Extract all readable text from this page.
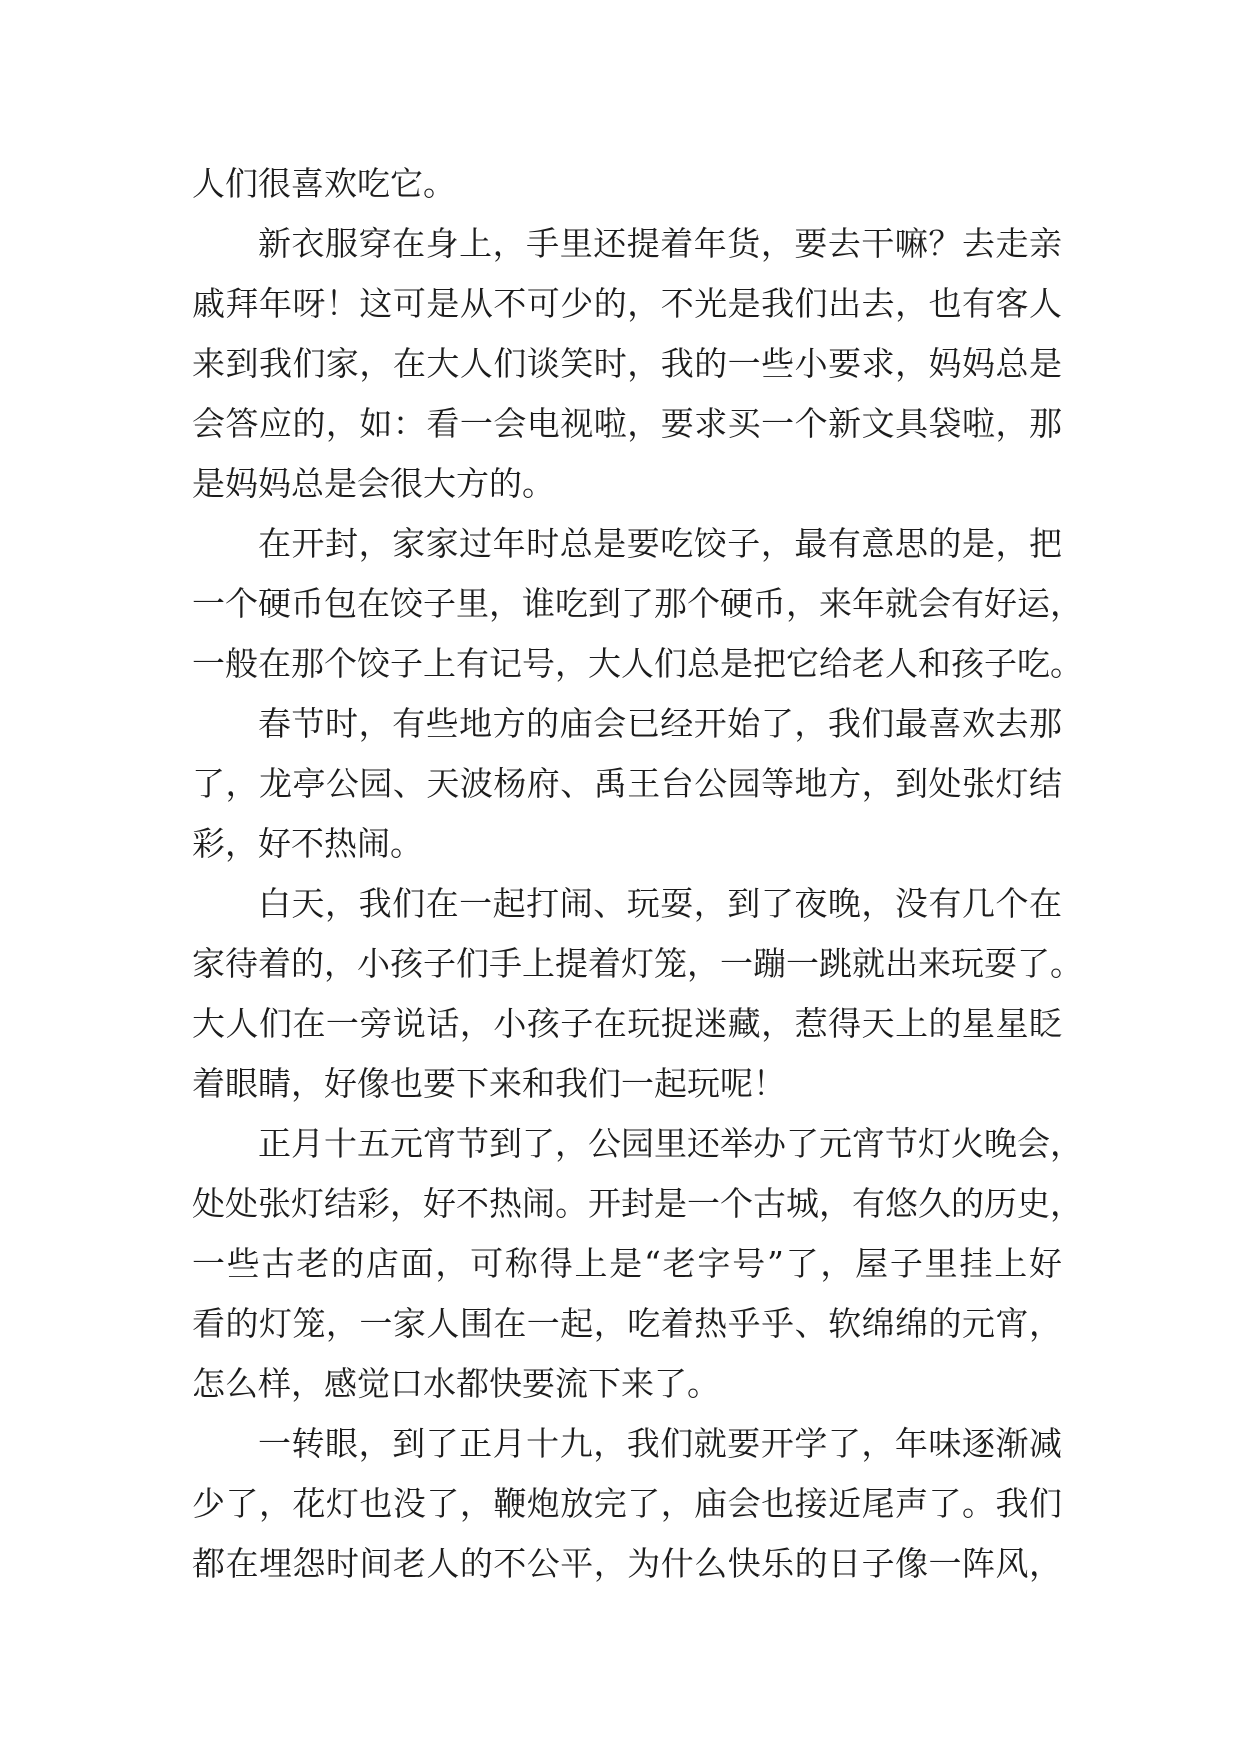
人们很喜欢吃它。
新衣服穿在身上，手里还提着年货，要去干嘛？去走亲
戚拜年呀！这可是从不可少的，不光是我们出去，也有客人
来到我们家，在大人们谈笑时，我的一些小要求，妈妈总是
会答应的，如：看一会电视啦，要求买一个新文具袋啦，那
是妈妈总是会很大方的。
在开封，家家过年时总是要吃饺子，最有意思的是，把
一个硬币包在饺子里，谁吃到了那个硬币，来年就会有好运，
一般在那个饺子上有记号，大人们总是把它给老人和孩子吃。
春节时，有些地方的庙会已经开始了，我们最喜欢去那
了，龙亭公园、天波杨府、禹王台公园等地方，到处张灯结
彩，好不热闹。
白天，我们在一起打闹、玩耍，到了夜晚，没有几个在
家待着的，小孩子们手上提着灯笼，一蹦一跳就出来玩耍了。
大人们在一旁说话，小孩子在玩捉迷藏，惹得天上的星星眨
着眼睛，好像也要下来和我们一起玩呢！
正月十五元宵节到了，公园里还举办了元宵节灯火晚会，
处处张灯结彩，好不热闹。开封是一个古城，有悠久的历史，
一些古老的店面，可称得上是“老字号”了，屋子里挂上好
看的灯笼，一家人围在一起，吃着热乎乎、软绵绵的元宵，
怎么样，感觉口水都快要流下来了。
一转眼，到了正月十九，我们就要开学了，年味逐渐减
少了，花灯也没了，鞭炮放完了，庙会也接近尾声了。我们
都在埋怨时间老人的不公平，为什么快乐的日子像一阵风，
